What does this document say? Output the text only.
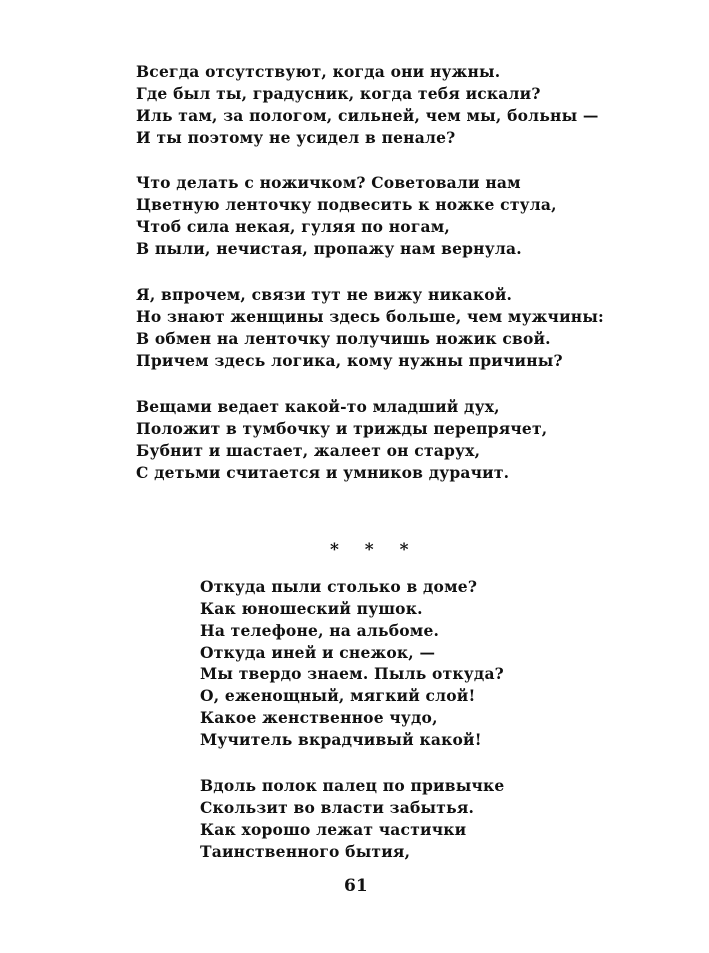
Всегда отсутствуют, когда они нужны.
Где был ты, градусник, когда тебя искали?
Иль там, за пологом, сильней, чем мы, больны —
И ты поэтому не усидел в пенале?
Что делать с ножичком? Советовали нам
Цветную ленточку подвесить к ножке стула,
Чтоб сила некая, гуляя по ногам,
В пыли, нечистая, пропажу нам вернула.
Я, впрочем, связи тут не вижу никакой.
Но знают женщины здесь больше, чем мужчины:
В обмен на ленточку получишь ножик свой.
Причем здесь логика, кому нужны причины?
Вещами ведает какой-то младший дух,
Положит в тумбочку и трижды перепрячет,
Бубнит и шастает, жалеет он старух,
С детьми считается и умников дурачит.
* * *
Откуда пыли столько в доме?
Как юношеский пушок.
На телефоне, на альбоме.
Откуда иней и снежок, —
Мы твердо знаем. Пыль откуда?
О, еженощный, мягкий слой!
Какое женственное чудо,
Мучитель вкрадчивый какой!
Вдоль полок палец по привычке
Скользит во власти забытья.
Как хорошо лежат частички
Таинственного бытия,
61
